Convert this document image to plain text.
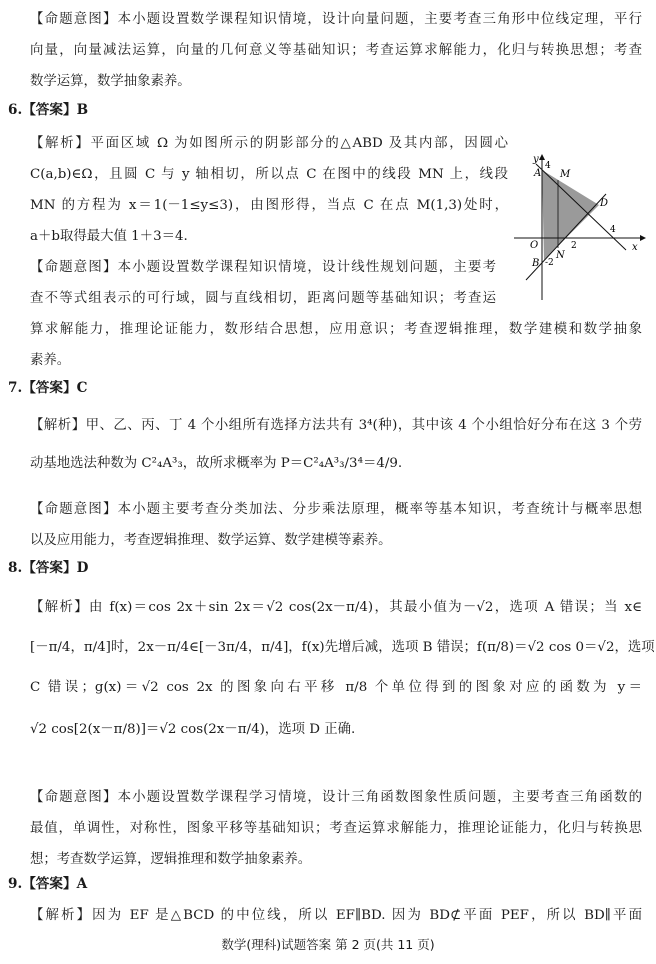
【命题意图】本小题设置数学课程知识情境，设计向量问题，主要考查三角形中位线定理，平行
向量，向量减法运算，向量的几何意义等基础知识；考查运算求解能力，化归与转换思想；考查
数学运算，数学抽象素养。
6.【答案】B
【解析】平面区域 Ω 为如图所示的阴影部分的△ABD 及其内部，因圆心
C(a,b)∈Ω，且圆 C 与 y 轴相切，所以点 C 在图中的线段 MN 上，线段
MN 的方程为 x＝1(－1≤y≤3)，由图形得，当点 C 在点 M(1,3)处时，
a＋b取得最大值 1＋3＝4.
【命题意图】本小题设置数学课程知识情境，设计线性规划问题，主要考
查不等式组表示的可行域，圆与直线相切，距离问题等基础知识；考查运
算求解能力，推理论证能力，数形结合思想，应用意识；考查逻辑推理，数学建模和数学抽象
素养。
y
x
O
A M
D
B
N
4
2
4
-2
7.【答案】C
【解析】甲、乙、丙、丁 4 个小组所有选择方法共有 3⁴(种)，其中该 4 个小组恰好分布在这 3 个劳
动基地选法种数为 C²₄A³₃，故所求概率为 P＝C²₄A³₃/3⁴＝4/9.
【命题意图】本小题主要考查分类加法、分步乘法原理，概率等基本知识，考查统计与概率思想
以及应用能力，考查逻辑推理、数学运算、数学建模等素养。
8.【答案】D
【解析】由 f(x)＝cos 2x＋sin 2x＝√2 cos(2x－π/4)，其最小值为－√2，选项 A 错误；当 x∈
[－π/4，π/4]时，2x－π/4∈[－3π/4，π/4]，f(x)先增后减，选项 B 错误；f(π/8)＝√2 cos 0＝√2，选项
C 错误；g(x)＝√2 cos 2x 的图象向右平移 π/8 个单位得到的图象对应的函数为 y＝
√2 cos[2(x－π/8)]＝√2 cos(2x－π/4)，选项 D 正确.
【命题意图】本小题设置数学课程学习情境，设计三角函数图象性质问题，主要考查三角函数的
最值，单调性，对称性，图象平移等基础知识；考查运算求解能力，推理论证能力，化归与转换思
想；考查数学运算，逻辑推理和数学抽象素养。
9.【答案】A
【解析】因为 EF 是△BCD 的中位线，所以 EF∥BD. 因为 BD⊄平面 PEF，所以 BD∥平面
数学(理科)试题答案 第 2 页(共 11 页)
